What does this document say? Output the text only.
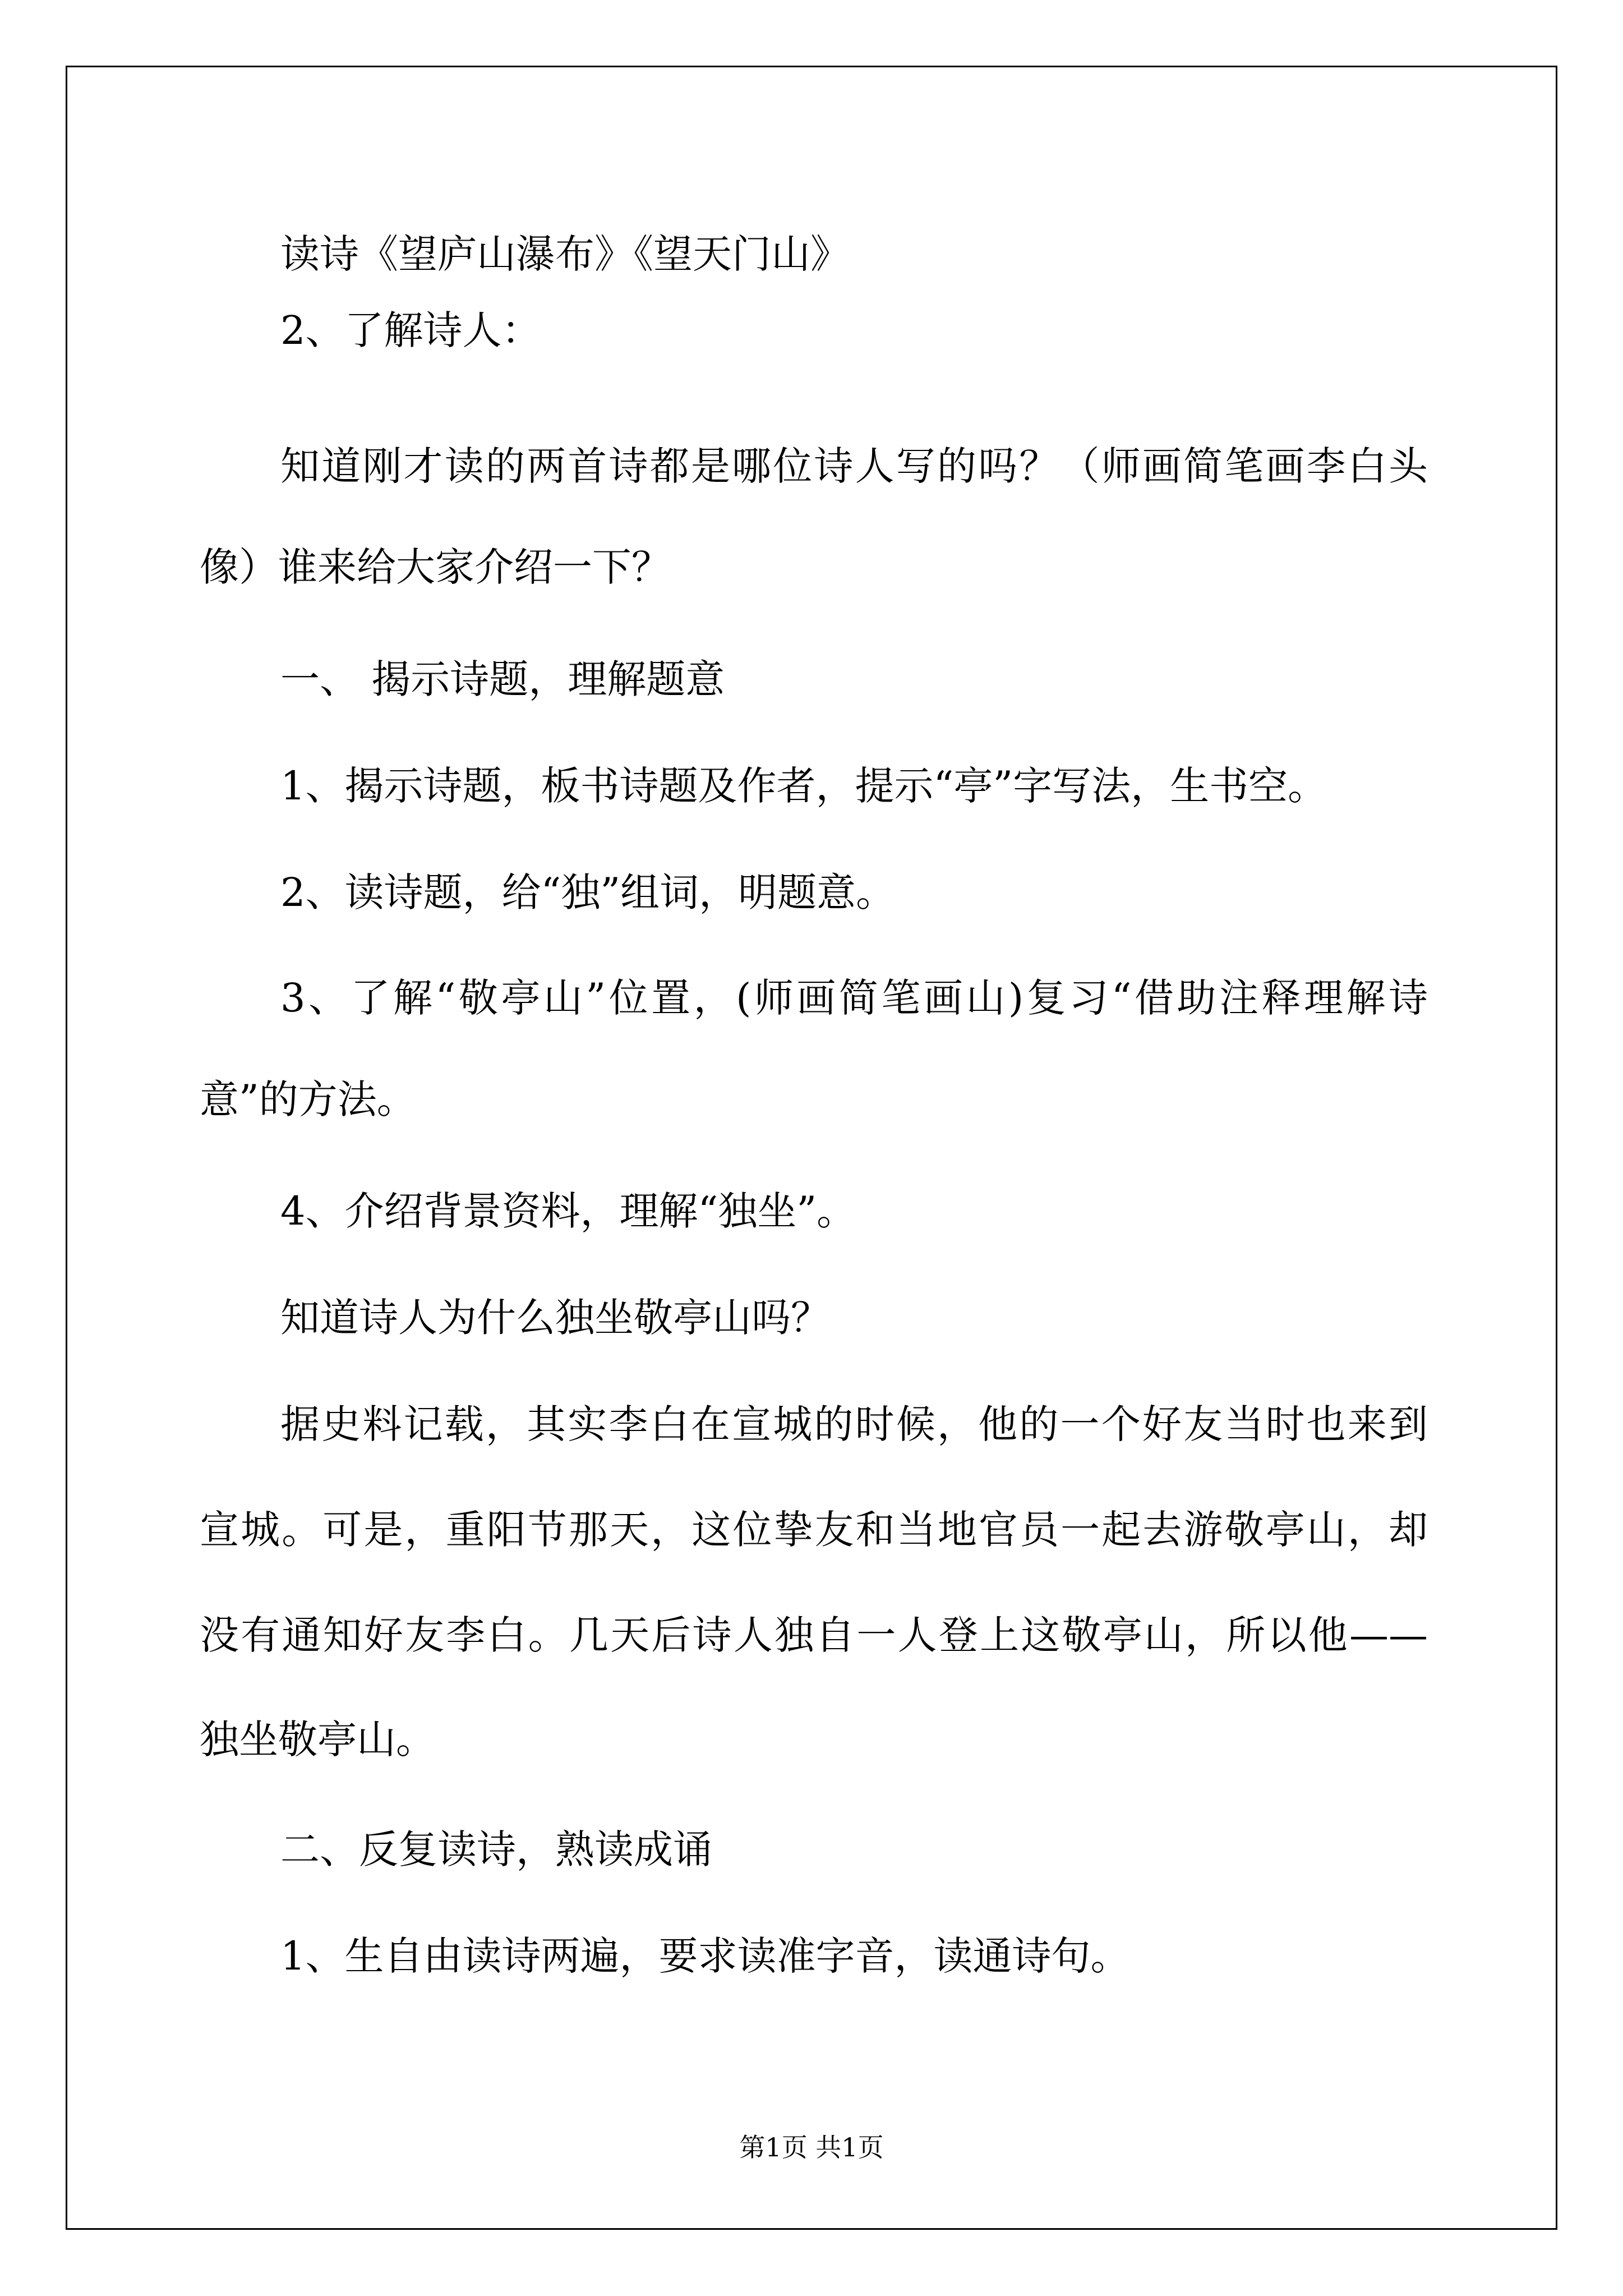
读诗《望庐山瀑布》《望天门山》

2、了解诗人：

知道刚才读的两首诗都是哪位诗人写的吗？（师画简笔画李白头

像）谁来给大家介绍一下？

一、 揭示诗题，理解题意

1、揭示诗题，板书诗题及作者，提示“亭”字写法，生书空。

2、读诗题，给“独”组词，明题意。

3、了解“敬亭山”位置，(师画简笔画山)复习“借助注释理解诗

意”的方法。

4、介绍背景资料，理解“独坐”。

知道诗人为什么独坐敬亭山吗？

据史料记载，其实李白在宣城的时候，他的一个好友当时也来到

宣城。可是，重阳节那天，这位挚友和当地官员一起去游敬亭山，却

没有通知好友李白。几天后诗人独自一人登上这敬亭山，所以他——

独坐敬亭山。

二、反复读诗，熟读成诵

1、生自由读诗两遍，要求读准字音，读通诗句。

第1页 共1页
